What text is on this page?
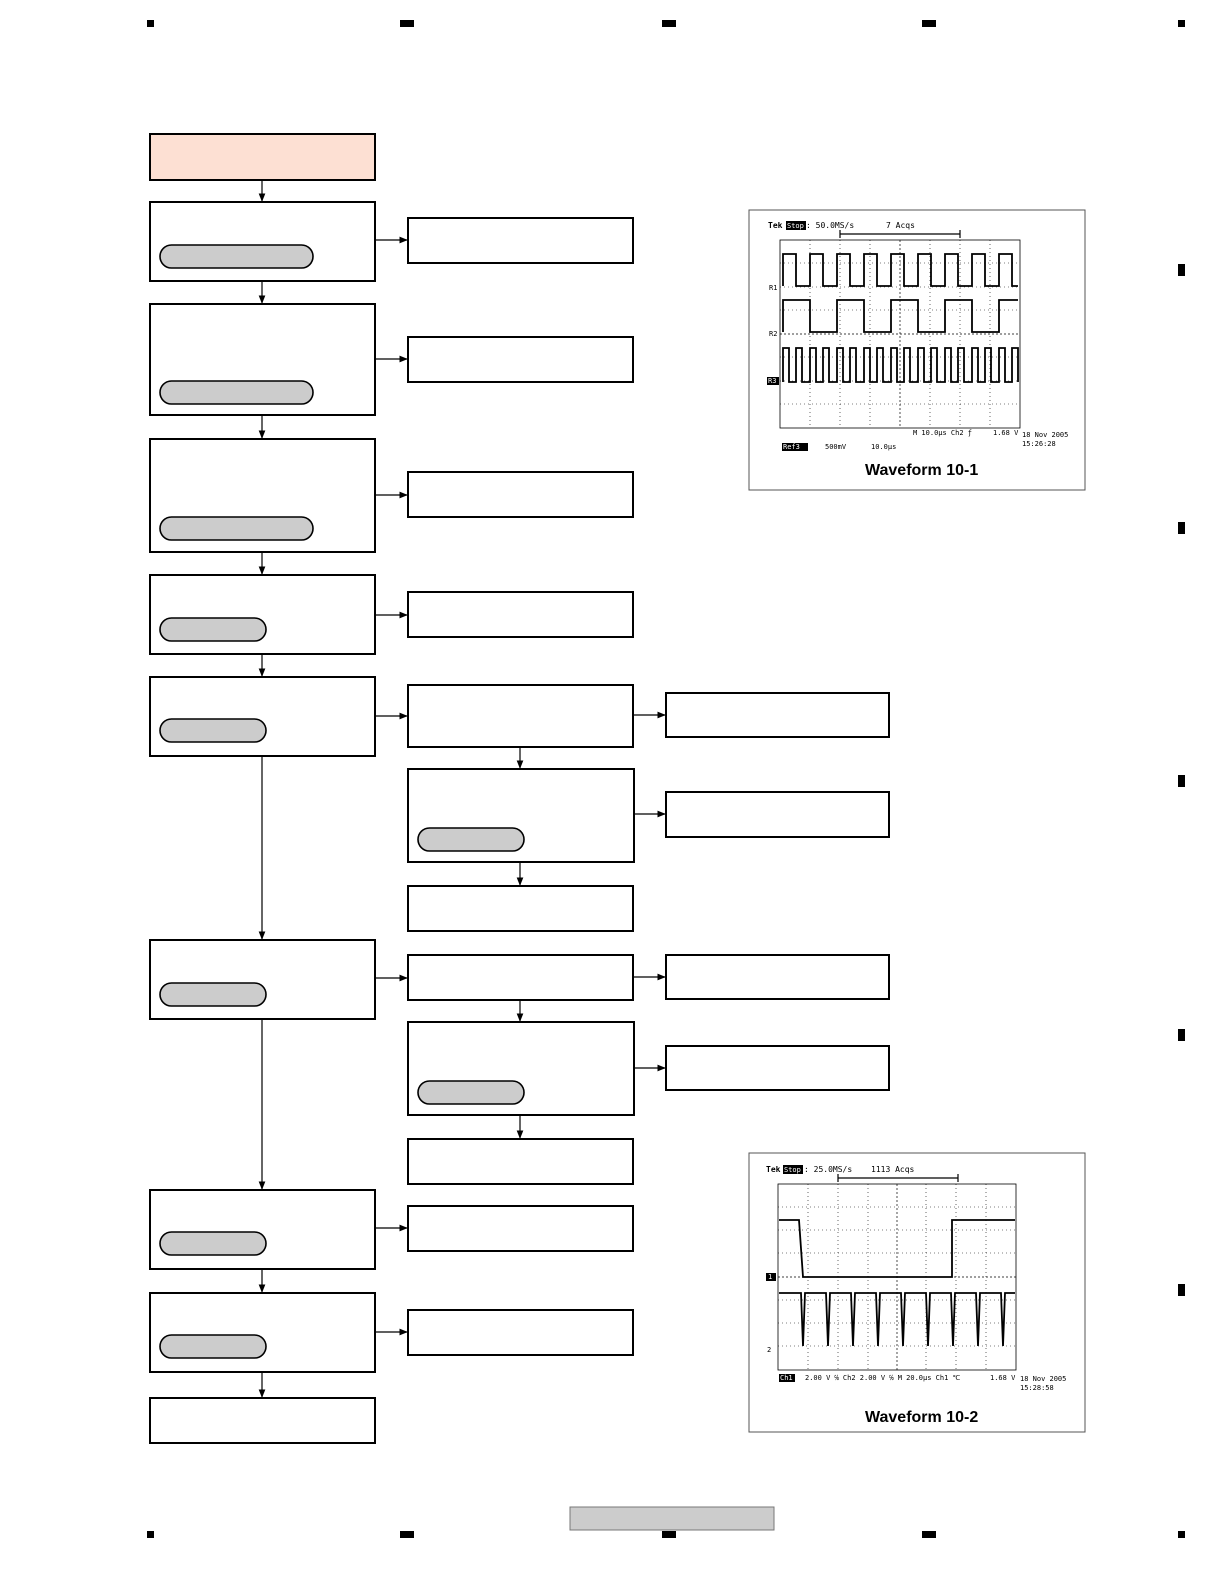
Tek Stop : 50.0MS/s	7 Acqs
R1
R2
R3
M 10.0µs Ch2 ƒ	1.68 V 18 Nov 2005
15:26:28
Ref3	500mV	10.0µs
Waveform 10-1
Tek Stop : 25.0MS/s 1113 Acqs
1
2
Ch1 2.00 V ℅ Ch2 2.00 V ℅ M 20.0µs Ch1 ℃	1.68 V 18 Nov 2005
15:28:58
Waveform 10-2
